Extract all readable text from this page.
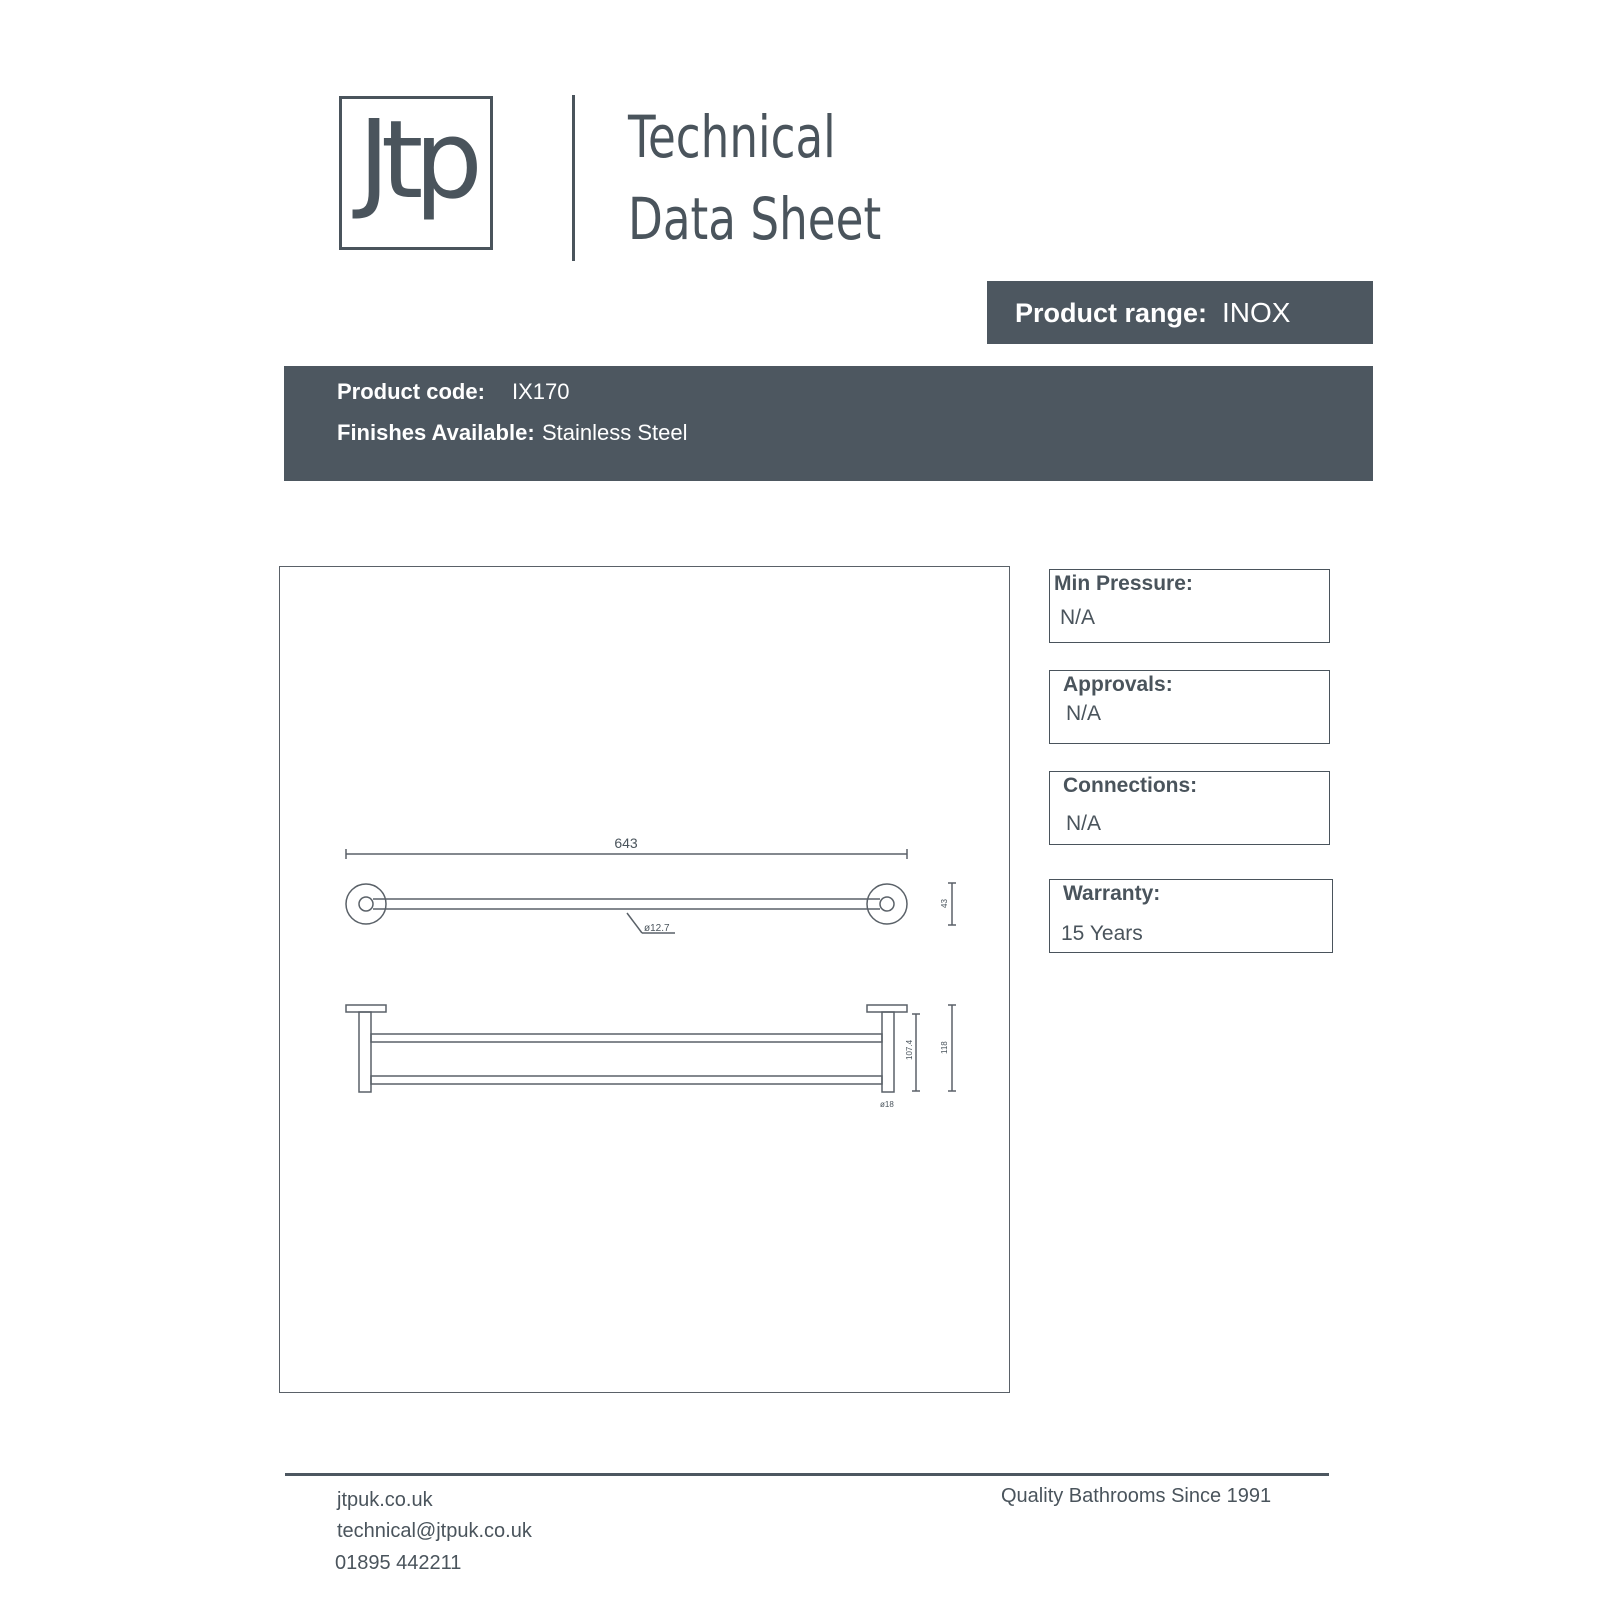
Jtp	Technical
Data Sheet
Product range: INOX
Product code: IX170
Finishes Available: Stainless Steel
643
ø12.7
43
107.4	118
ø18
Min Pressure:
N/A
Approvals:
N/A
Connections:
N/A
Warranty:
15 Years
jtpuk.co.uk
technical@jtpuk.co.uk
01895 442211
Quality Bathrooms Since 1991
